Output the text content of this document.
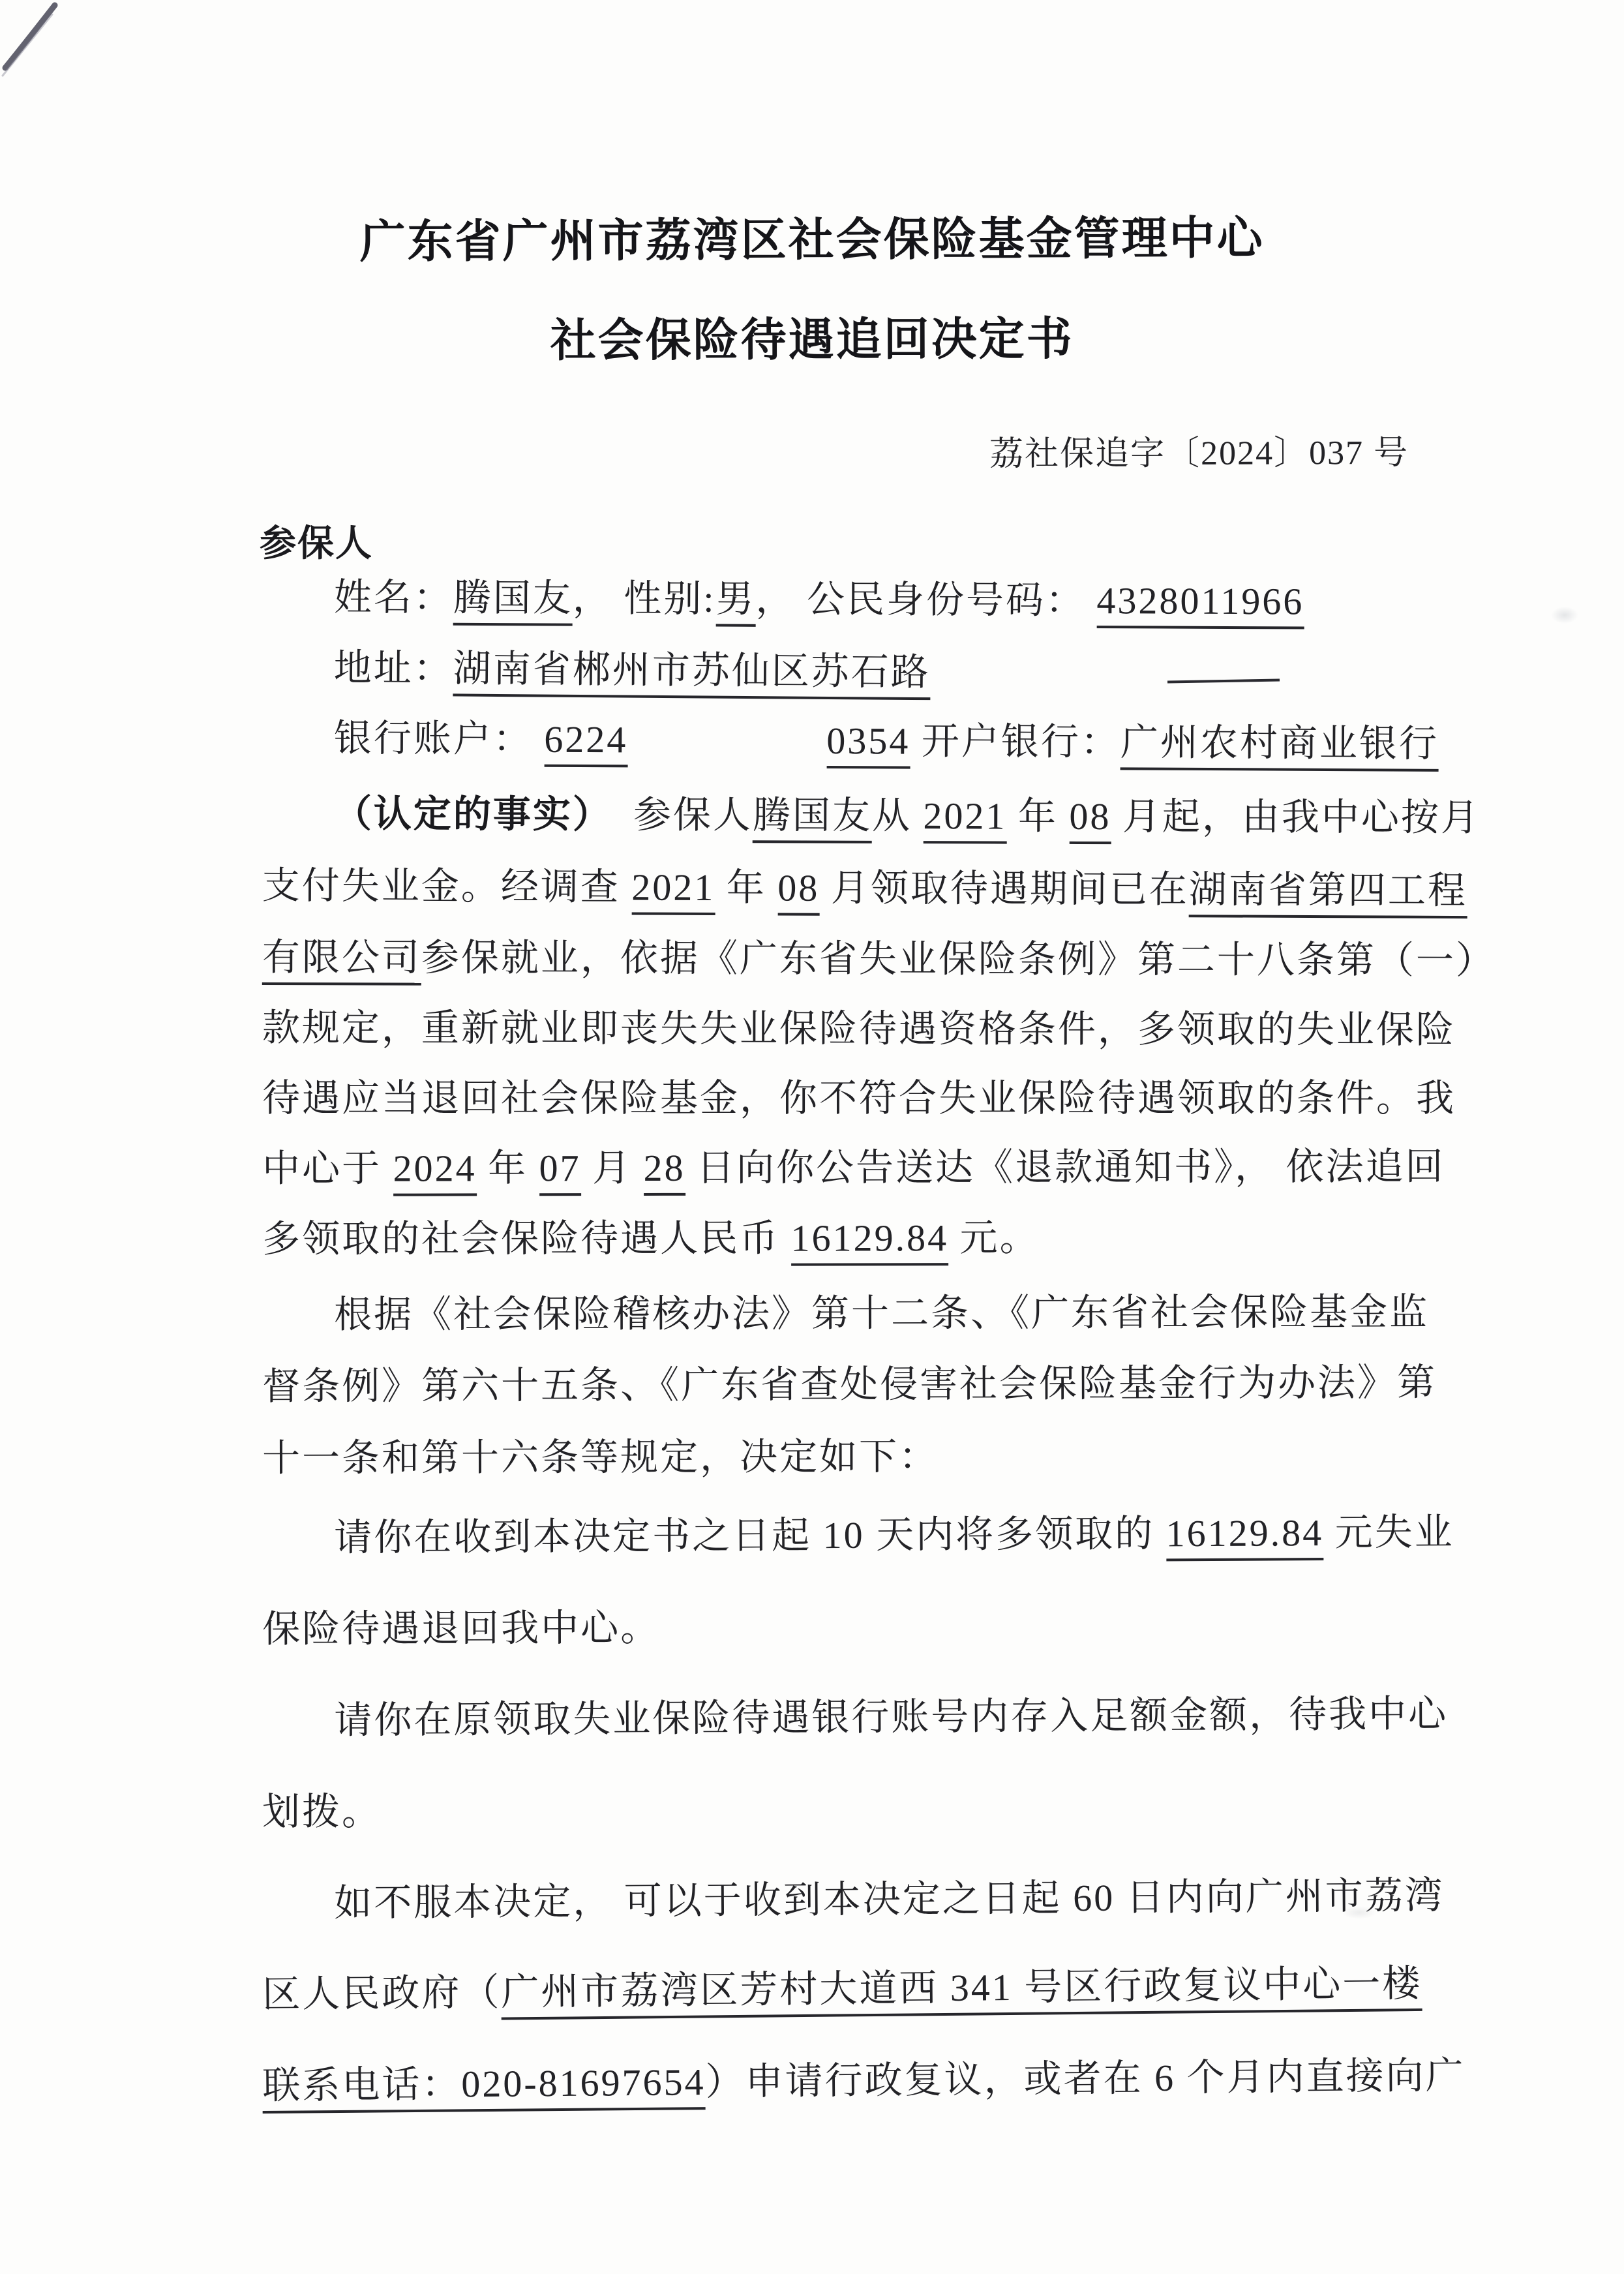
广东省广州市荔湾区社会保险基金管理中心
社会保险待遇追回决定书
荔社保追字〔2024〕037 号
参保人
姓名：腾国友， 性别:男， 公民身份号码： 4328011966
地址：湖南省郴州市苏仙区苏石路
银行账户： 6224　　　　　	0354 开户银行：广州农村商业银行
（认定的事实）　参保人腾国友从 2021 年 08 月起，由我中心按月
支付失业金。经调查 2021 年 08 月领取待遇期间已在湖南省第四工程
有限公司参保就业，依据《广东省失业保险条例》第二十八条第（一）
款规定，重新就业即丧失失业保险待遇资格条件，多领取的失业保险
待遇应当退回社会保险基金，你不符合失业保险待遇领取的条件。我
中心于 2024 年 07 月 28 日向你公告送达《退款通知书》， 依法追回
多领取的社会保险待遇人民币 16129.84 元。
根据《社会保险稽核办法》第十二条、《广东省社会保险基金监
督条例》第六十五条、《广东省查处侵害社会保险基金行为办法》第
十一条和第十六条等规定，决定如下：
请你在收到本决定书之日起 10 天内将多领取的 16129.84 元失业
保险待遇退回我中心。
请你在原领取失业保险待遇银行账号内存入足额金额，待我中心
划拨。
如不服本决定， 可以于收到本决定之日起 60 日内向广州市荔湾
区人民政府（广州市荔湾区芳村大道西 341 号区行政复议中心一楼
联系电话：020-81697654）申请行政复议，或者在 6 个月内直接向广
